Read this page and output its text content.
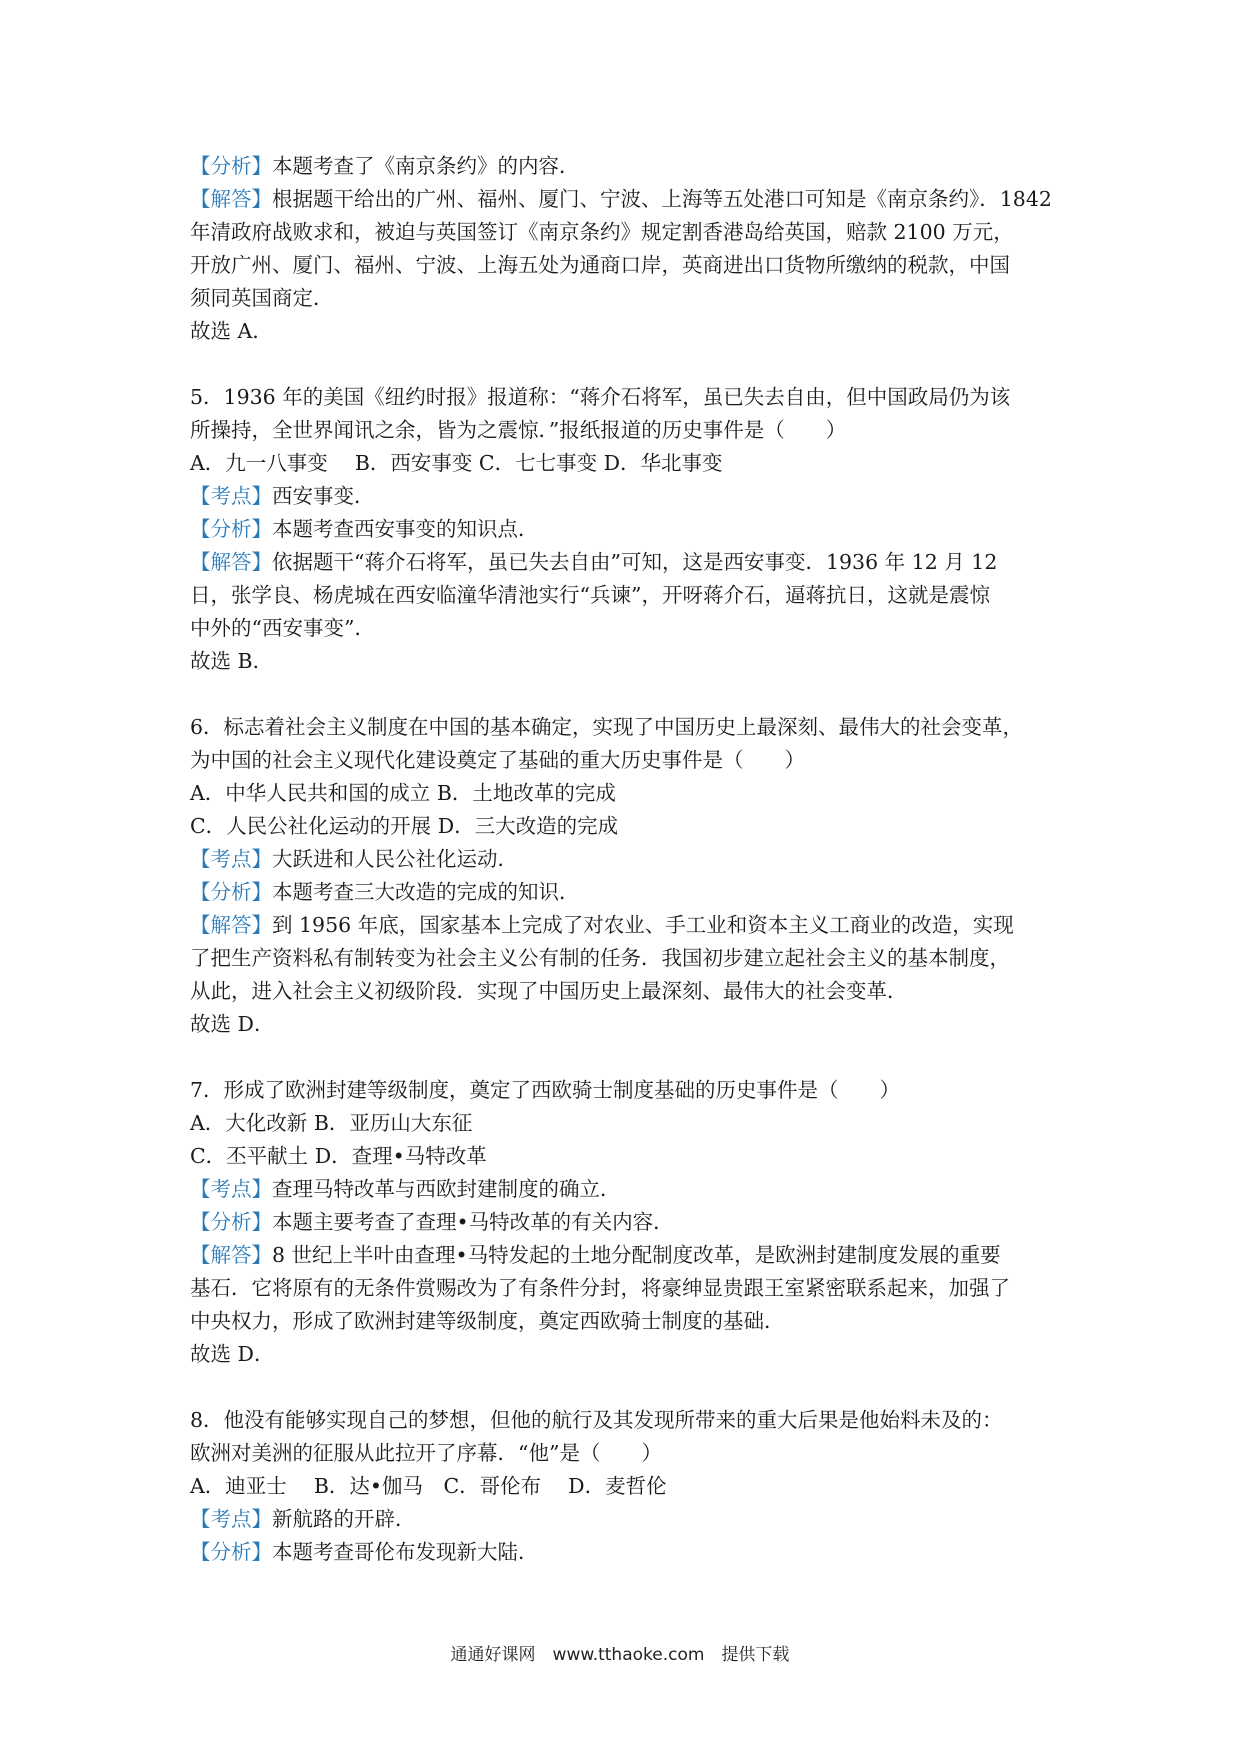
【分析】本题考查了《南京条约》的内容．

【解答】根据题干给出的广州、福州、厦门、宁波、上海等五处港口可知是《南京条约》．1842

年清政府战败求和，被迫与英国签订《南京条约》规定割香港岛给英国，赔款 2100 万元，

开放广州、厦门、福州、宁波、上海五处为通商口岸，英商进出口货物所缴纳的税款，中国

须同英国商定．

故选 A．

5．1936 年的美国《纽约时报》报道称：“蒋介石将军，虽已失去自由，但中国政局仍为该

所操持，全世界闻讯之余，皆为之震惊．”报纸报道的历史事件是（　　）

A．九一八事变　 B．西安事变 C．七七事变 D．华北事变

【考点】西安事变．

【分析】本题考查西安事变的知识点．

【解答】依据题干“蒋介石将军，虽已失去自由”可知，这是西安事变．1936 年 12 月 12

日，张学良、杨虎城在西安临潼华清池实行“兵谏”，开呀蒋介石，逼蒋抗日，这就是震惊

中外的“西安事变”．

故选 B．

6．标志着社会主义制度在中国的基本确定，实现了中国历史上最深刻、最伟大的社会变革，

为中国的社会主义现代化建设奠定了基础的重大历史事件是（　　）

A．中华人民共和国的成立 B．土地改革的完成

C．人民公社化运动的开展 D．三大改造的完成

【考点】大跃进和人民公社化运动．

【分析】本题考查三大改造的完成的知识．

【解答】到 1956 年底，国家基本上完成了对农业、手工业和资本主义工商业的改造，实现

了把生产资料私有制转变为社会主义公有制的任务．我国初步建立起社会主义的基本制度，

从此，进入社会主义初级阶段．实现了中国历史上最深刻、最伟大的社会变革．

故选 D．

7．形成了欧洲封建等级制度，奠定了西欧骑士制度基础的历史事件是（　　）

A．大化改新 B．亚历山大东征

C．丕平献土 D．查理•马特改革

【考点】查理马特改革与西欧封建制度的确立．

【分析】本题主要考查了查理•马特改革的有关内容．

【解答】8 世纪上半叶由查理•马特发起的土地分配制度改革，是欧洲封建制度发展的重要

基石．它将原有的无条件赏赐改为了有条件分封，将豪绅显贵跟王室紧密联系起来，加强了

中央权力，形成了欧洲封建等级制度，奠定西欧骑士制度的基础．

故选 D．

8．他没有能够实现自己的梦想，但他的航行及其发现所带来的重大后果是他始料未及的：

欧洲对美洲的征服从此拉开了序幕．“他”是（　　）

A．迪亚士　 B．达•伽马　C．哥伦布　 D．麦哲伦

【考点】新航路的开辟．

【分析】本题考查哥伦布发现新大陆．

通通好课网　www.tthaoke.com　提供下载
